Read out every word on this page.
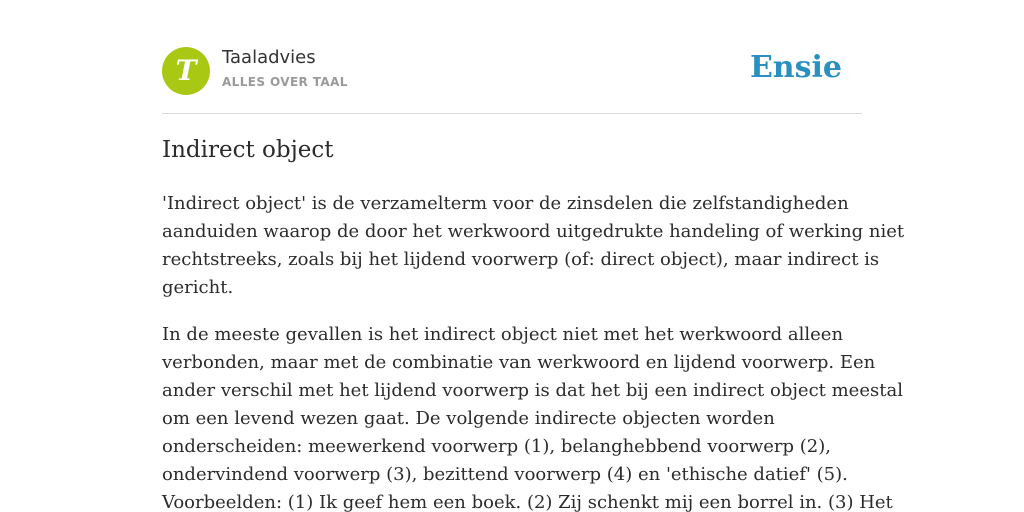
T	Taaladvies
ALLES OVER TAAL	Ensie
Indirect object

'Indirect object' is de verzamelterm voor de zinsdelen die zelfstandigheden
aanduiden waarop de door het werkwoord uitgedrukte handeling of werking niet
rechtstreeks, zoals bij het lijdend voorwerp (of: direct object), maar indirect is
gericht.

In de meeste gevallen is het indirect object niet met het werkwoord alleen
verbonden, maar met de combinatie van werkwoord en lijdend voorwerp. Een
ander verschil met het lijdend voorwerp is dat het bij een indirect object meestal
om een levend wezen gaat. De volgende indirecte objecten worden
onderscheiden: meewerkend voorwerp (1), belanghebbend voorwerp (2),
ondervindend voorwerp (3), bezittend voorwerp (4) en 'ethische datief' (5).
Voorbeelden: (1) Ik geef hem een boek. (2) Zij schenkt mij een borrel in. (3) Het
